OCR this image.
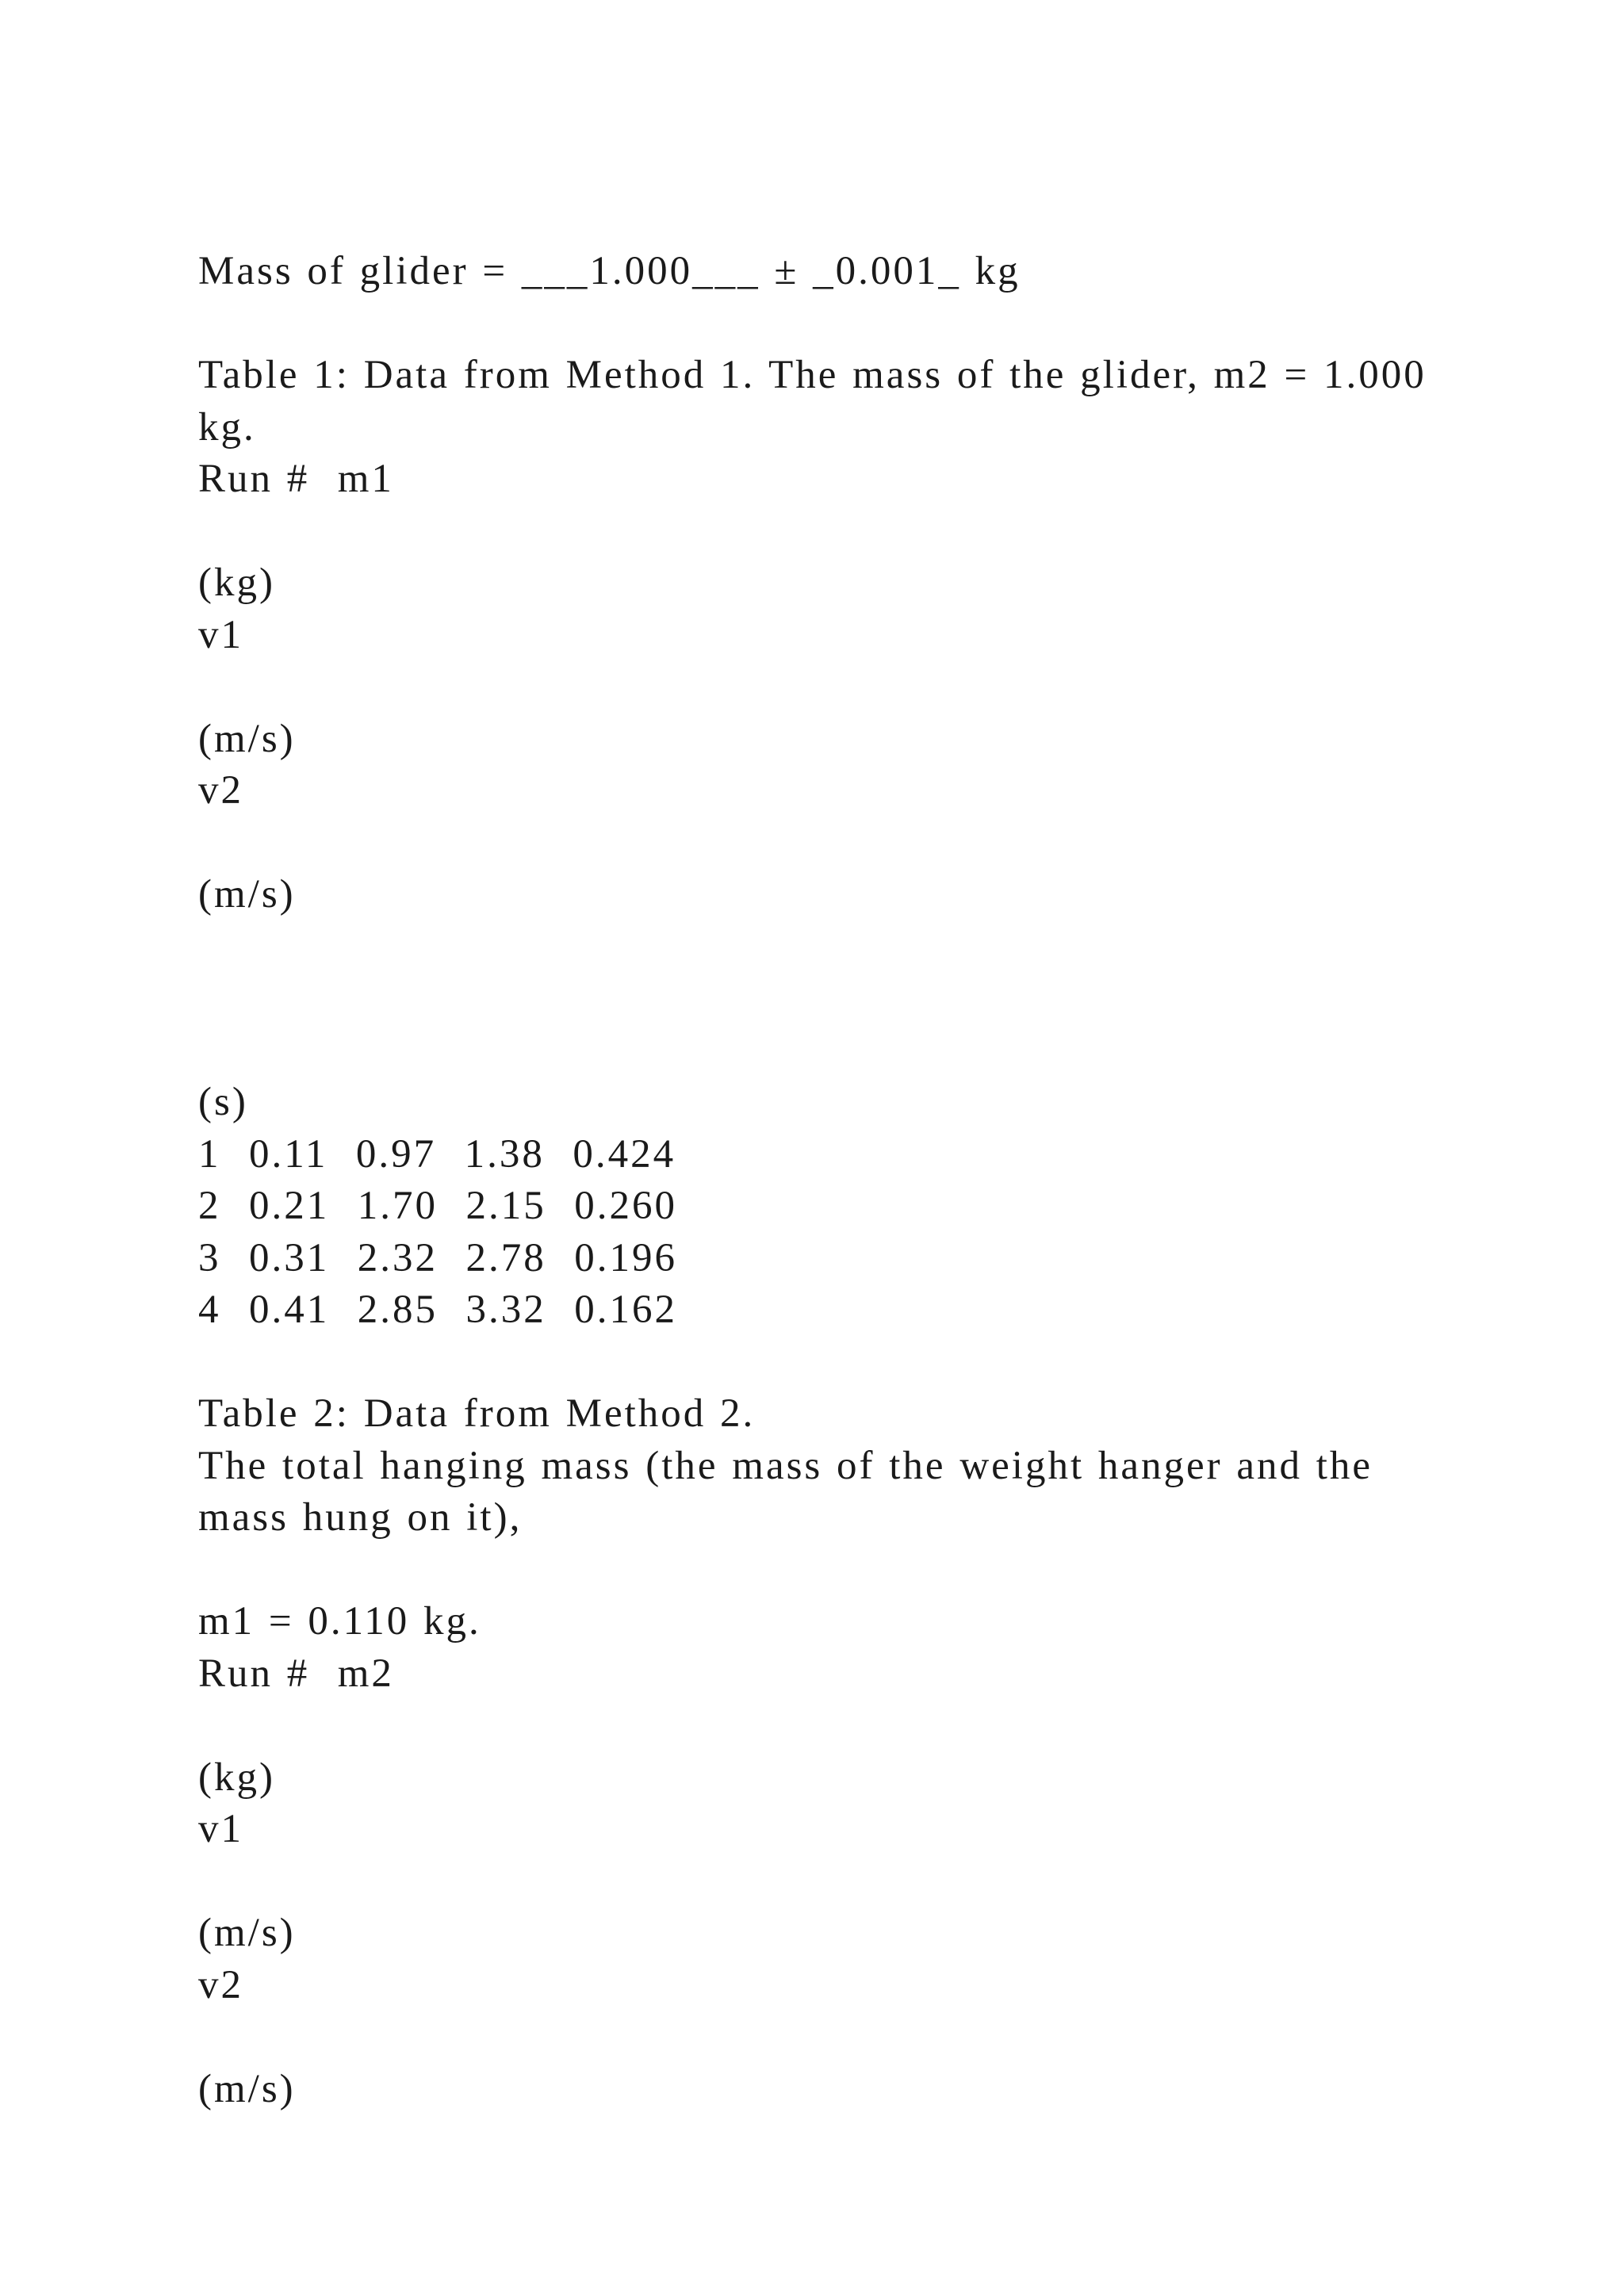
Mass of glider = ___1.000___ ± _0.001_ kg
Table 1: Data from Method 1. The mass of the glider, m2 = 1.000 kg.
Run #  m1
(kg)
v1
(m/s)
v2
(m/s)
(s)
1  0.11  0.97  1.38  0.424
2  0.21  1.70  2.15  0.260
3  0.31  2.32  2.78  0.196
4  0.41  2.85  3.32  0.162
Table 2: Data from Method 2.
The total hanging mass (the mass of the weight hanger and the mass hung on it),
m1 = 0.110 kg.
Run #  m2
(kg)
v1
(m/s)
v2
(m/s)
